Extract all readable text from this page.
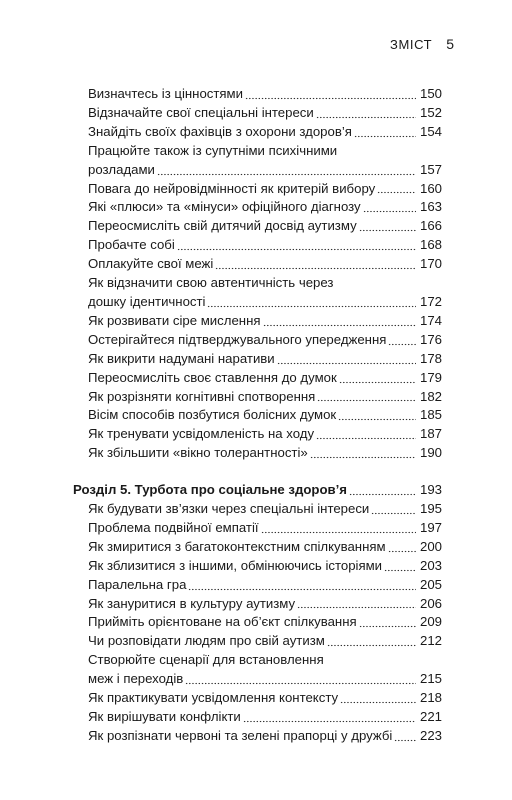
ЗМІСТ 5
Визначтесь із цінностями	150
Відзначайте свої спеціальні інтереси	152
Знайдіть своїх фахівців з охорони здоров’я	154
Працюйте також із супутніми психічними
розладами	157
Повага до нейровідмінності як критерій вибору	160
Які «плюси» та «мінуси» офіційного діагнозу	163
Переосмисліть свій дитячий досвід аутизму	166
Пробачте собі	168
Оплакуйте свої межі	170
Як відзначити свою автентичність через
дошку ідентичності	172
Як розвивати сіре мислення	174
Остерігайтеся підтверджувального упередження	176
Як викрити надумані наративи	178
Переосмисліть своє ставлення до думок	179
Як розрізняти когнітивні спотворення	182
Вісім способів позбутися болісних думок	185
Як тренувати усвідомленість на ходу	187
Як збільшити «вікно толерантності»	190
Розділ 5. Турбота про соціальне здоров’я	193
Як будувати зв’язки через спеціальні інтереси	195
Проблема подвійної емпатії	197
Як змиритися з багатоконтекстним спілкуванням	200
Як зблизитися з іншими, обмінюючись історіями	203
Паралельна гра	205
Як зануритися в культуру аутизму	206
Прийміть орієнтоване на об’єкт спілкування	209
Чи розповідати людям про свій аутизм	212
Створюйте сценарії для встановлення
меж і переходів	215
Як практикувати усвідомлення контексту	218
Як вирішувати конфлікти	221
Як розпізнати червоні та зелені прапорці у дружбі 223
